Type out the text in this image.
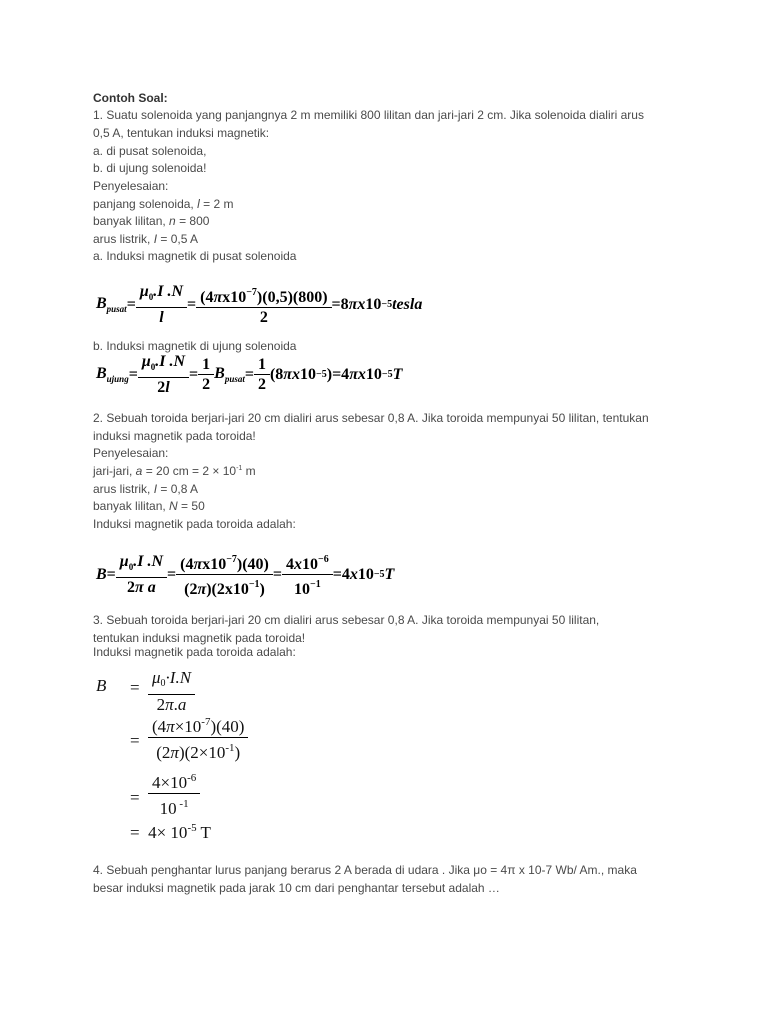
Contoh Soal:
1. Suatu solenoida yang panjangnya 2 m memiliki 800 lilitan dan jari-jari 2 cm. Jika solenoida dialiri arus
0,5 A, tentukan induksi magnetik:
a. di pusat solenoida,
b. di ujung solenoida!
Penyelesaian:
panjang solenoida, l = 2 m
banyak lilitan, n = 800
arus listrik, I = 0,5 A
a. Induksi magnetik di pusat solenoida
$B_{pusat} = \frac{\mu_0.I .N}{l} = \frac{(4\pi x10^{-7})(0,5)(800)}{2} =8$ π x 10 −5 tesla
b. Induksi magnetik di ujung solenoida
$B_{ujung} = \frac{\mu_0.I .N}{2l} = \frac{1}{2} B_{pusat} = \frac{1}{2} (8$ π x 10 −5 )=4 π x 10 −5 T
2. Sebuah toroida berjari-jari 20 cm dialiri arus sebesar 0,8 A. Jika toroida mempunyai 50 lilitan, tentukan
induksi magnetik pada toroida!
Penyelesaian:
jari-jari, a = 20 cm = $2 \times 10^{-1}$ m
arus listrik, I = 0,8 A
banyak lilitan, N = 50
Induksi magnetik pada toroida adalah:
$B = \frac{\mu_0.I .N}{\text{2π a}} = \frac{(4\pi x10^{-7})(40)}{(2\pi)(2x10^{-1})} = \frac{4x10^{-6}}{10^{-1}} =4$ x 10 −5 T
3. Sebuah toroida berjari-jari 20 cm dialiri arus sebesar 0,8 A. Jika toroida mempunyai 50 lilitan,
tentukan induksi magnetik pada toroida!
Induksi magnetik pada toroida adalah:
$B = \frac{\mu 0\cdot I.N}{2\pi.a}$
= $\frac{(4\pi\times 10^{-7})(40)}{(2\pi)(2\times 10^{-1})}$
= $\frac{4\times 10^{-6}}{10 ^{-1}}$
=  $4\times 10^{-5}$ T
4. Sebuah penghantar lurus panjang berarus 2 A berada di udara . Jika μo = 4π x 10-7 Wb/ Am., maka
besar induksi magnetik pada jarak 10 cm dari penghantar tersebut adalah …
